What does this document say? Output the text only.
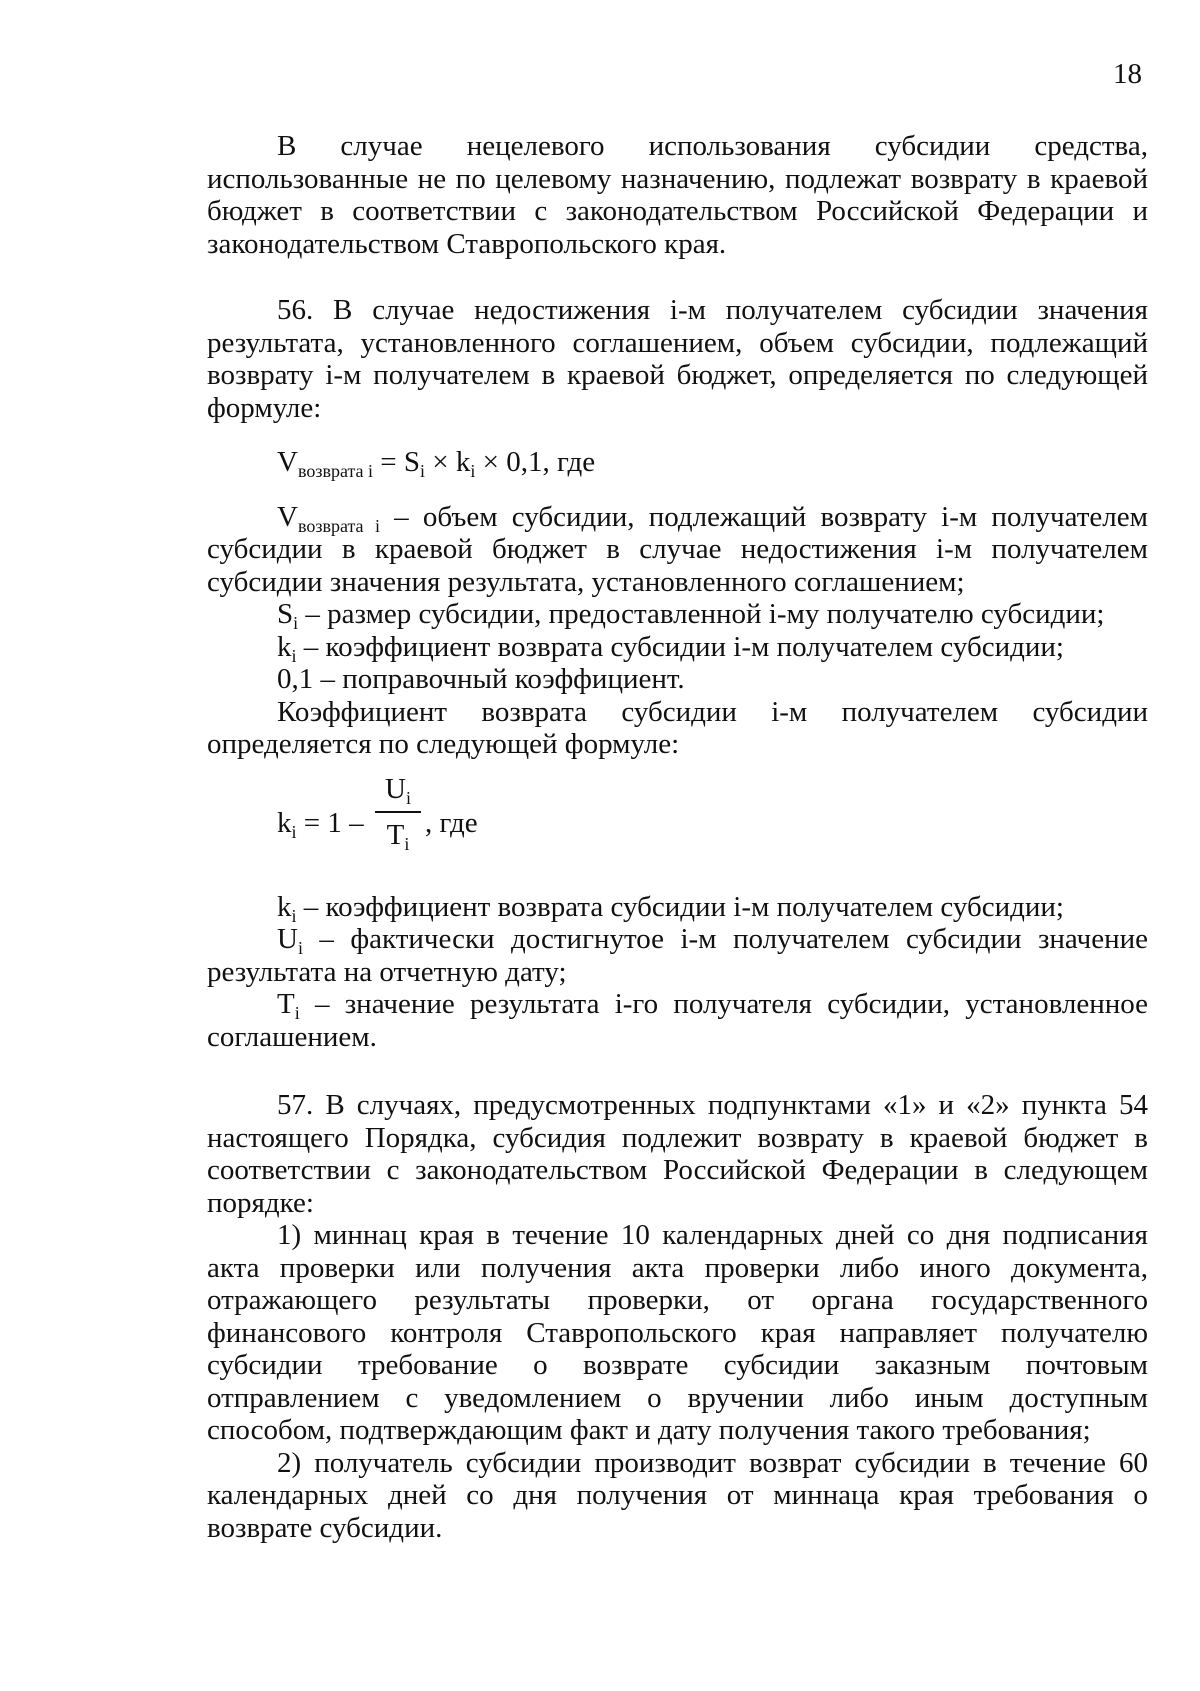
18

В случае нецелевого использования субсидии средства, использованные не по целевому назначению, подлежат возврату в краевой бюджет в соответствии с законодательством Российской Федерации и законодательством Ставропольского края.

56. В случае недостижения i-м получателем субсидии значения результата, установленного соглашением, объем субсидии, подлежащий возврату i-м получателем в краевой бюджет, определяется по следующей формуле:

$V_{возврата i} = S_i \times k_i \times 0,1$, где

$V_{возврата i}$ – объем субсидии, подлежащий возврату i-м получателем субсидии в краевой бюджет в случае недостижения i-м получателем субсидии значения результата, установленного соглашением;

$S_i$ – размер субсидии, предоставленной i-му получателю субсидии;

$k_i$ – коэффициент возврата субсидии i-м получателем субсидии;

0,1 – поправочный коэффициент.

Коэффициент возврата субсидии i-м получателем субсидии определяется по следующей формуле:

$k_i = 1$ –
$U_i$
$T_i$
, где

$k_i$ – коэффициент возврата субсидии i-м получателем субсидии;

$U_i$ – фактически достигнутое i-м получателем субсидии значение результата на отчетную дату;

$T_i$ – значение результата i-го получателя субсидии, установленное соглашением.

57. В случаях, предусмотренных подпунктами «1» и «2» пункта 54 настоящего Порядка, субсидия подлежит возврату в краевой бюджет в соответствии с законодательством Российской Федерации в следующем порядке:

1) миннац края в течение 10 календарных дней со дня подписания акта проверки или получения акта проверки либо иного документа, отражающего результаты проверки, от органа государственного финансового контроля Ставропольского края направляет получателю субсидии требование о возврате субсидии заказным почтовым отправлением с уведомлением о вручении либо иным доступным способом, подтверждающим факт и дату получения такого требования;

2) получатель субсидии производит возврат субсидии в течение 60 календарных дней со дня получения от миннаца края требования о возврате субсидии.
